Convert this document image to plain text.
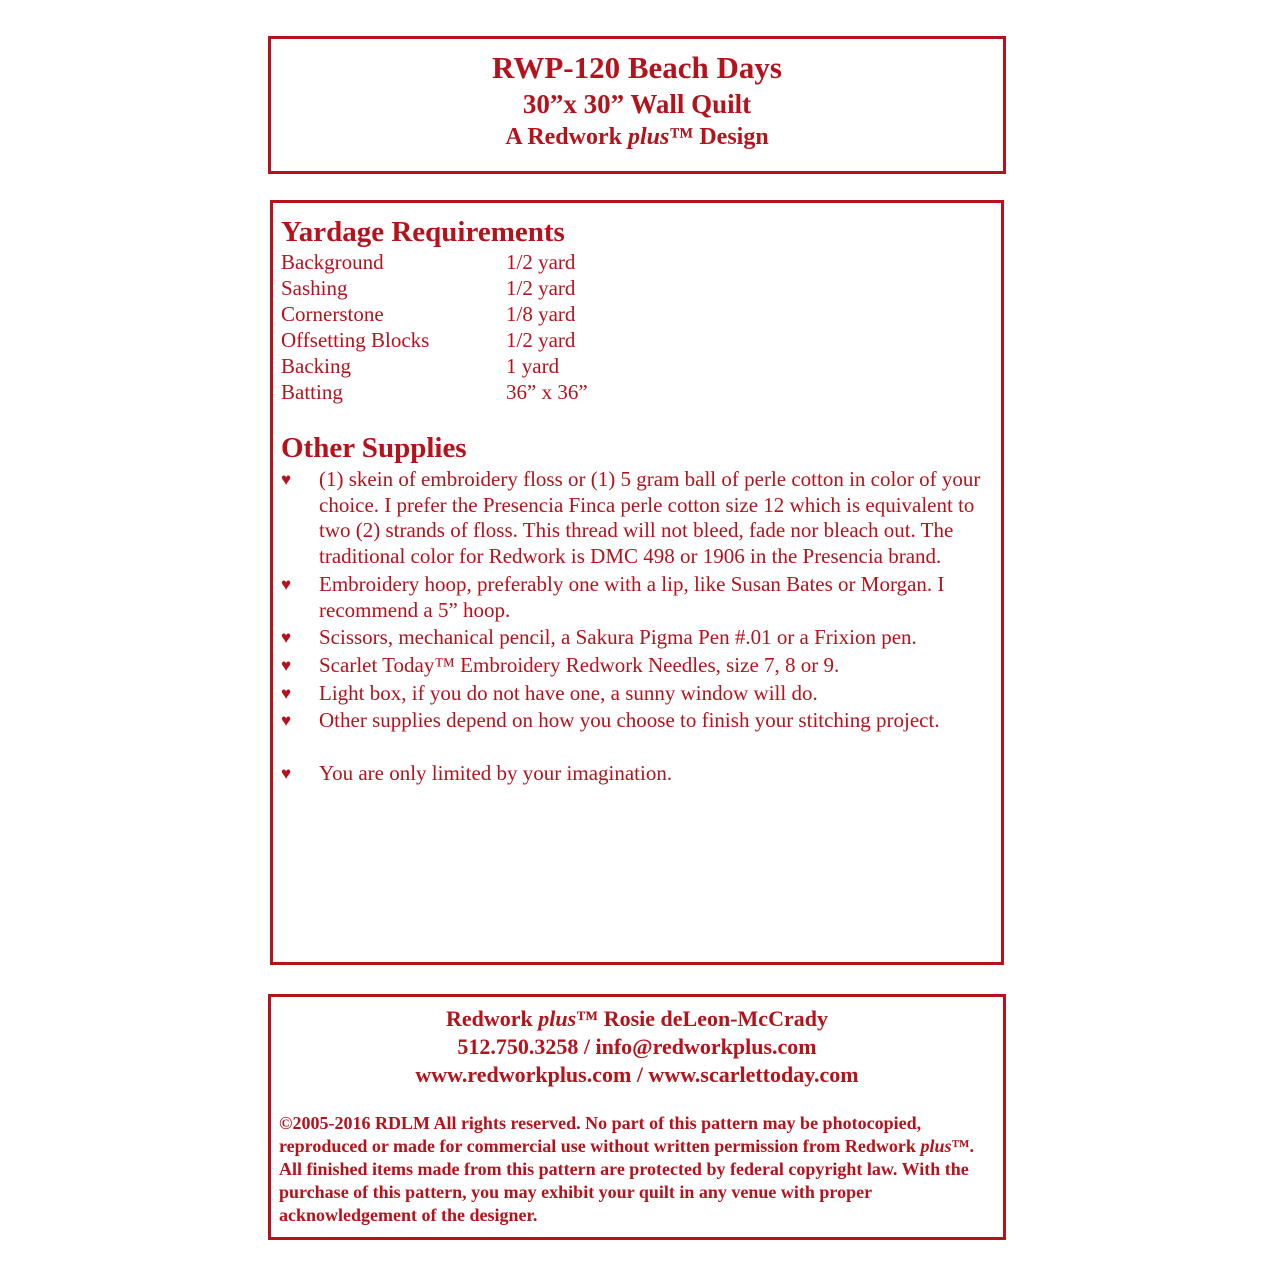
RWP-120 Beach Days
30”x 30” Wall Quilt
A Redwork plus™ Design
Yardage Requirements
Background	1/2 yard
Sashing	1/2 yard
Cornerstone	1/8 yard
Offsetting Blocks	1/2 yard
Backing	1 yard
Batting	36” x 36”
Other Supplies
♥	(1) skein of embroidery floss or (1) 5 gram ball of perle cotton in color of your choice. I prefer the Presencia Finca perle cotton size 12 which is equivalent to two (2) strands of floss. This thread will not bleed, fade nor bleach out. The traditional color for Redwork is DMC 498 or 1906 in the Presencia brand.
♥	Embroidery hoop, preferably one with a lip, like Susan Bates or Morgan. I recommend a 5” hoop.
♥	Scissors, mechanical pencil, a Sakura Pigma Pen #.01 or a Frixion pen.
♥	Scarlet Today™ Embroidery Redwork Needles, size 7, 8 or 9.
♥	Light box, if you do not have one, a sunny window will do.
♥	Other supplies depend on how you choose to finish your stitching project.
♥	You are only limited by your imagination.
Redwork plus™ Rosie deLeon-McCrady
512.750.3258 / info@redworkplus.com
www.redworkplus.com / www.scarlettoday.com
©2005-2016 RDLM All rights reserved. No part of this pattern may be photocopied, reproduced or made for commercial use without written permission from Redwork plus™. All finished items made from this pattern are protected by federal copyright law. With the purchase of this pattern, you may exhibit your quilt in any venue with proper acknowledgement of the designer.
